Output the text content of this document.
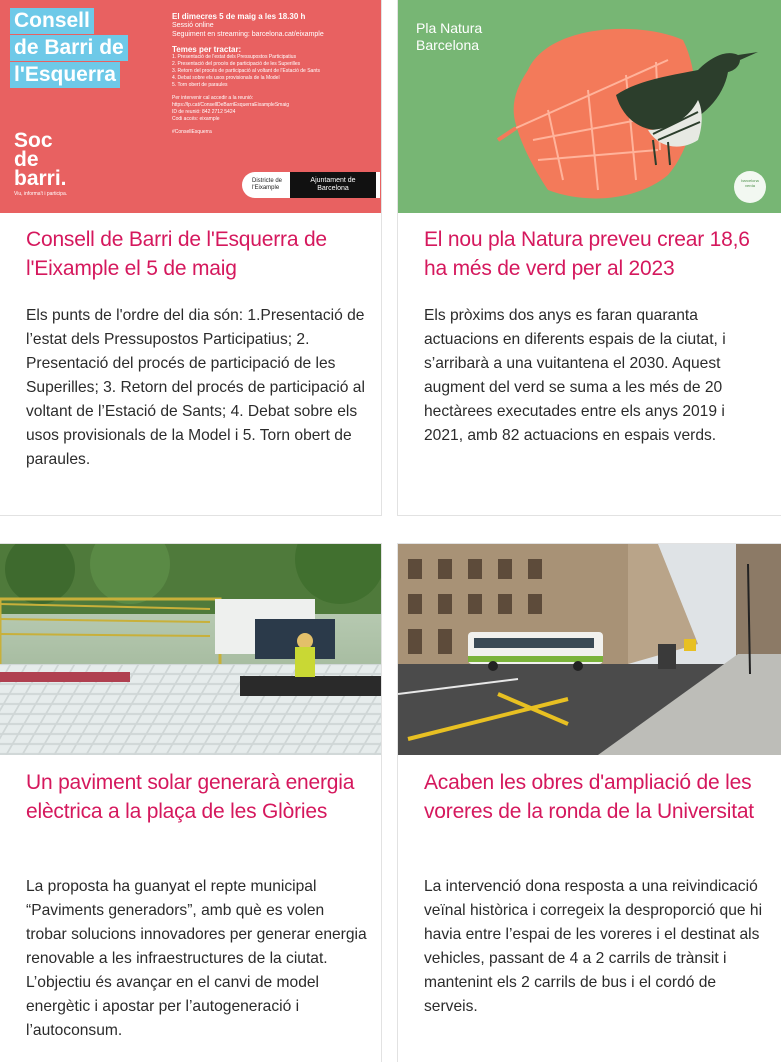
Consell
de Barri de
l'Esquerra

El dimecres 5 de maig a les 18.30 h

Sessió online

Seguiment en streaming: barcelona.cat/eixample

Temes per tractar:

1. Presentació de l'estat dels Pressupostos Participatius

2. Presentació del procés de participació de les Superilles

3. Retorn del procés de participació al voltant de l'Estació de Sants

4. Debat sobre els usos provisionals de la Model

5. Torn obert de paraules

Per intervenir cal accedir a la reunió:

https://lp.cat/ConsellDeBarriEsquerraEixampleSmaig

ID de reunió: 842 2712 5424

Codi accés: eixample

#ConsellEsquerra

Soc
de
barri.
Viu, informa't i participa.
Districte de l'Eixample
Ajuntament de Barcelona
Consell de Barri de l'Esquerra de l'Eixample el 5 de maig

Els punts de l'ordre del dia són: 1.Presentació de l’estat dels Pressupostos Participatius; 2. Presentació del procés de participació de les Superilles; 3. Retorn del procés de participació al voltant de l’Estació de Sants; 4. Debat sobre els usos provisionals de la Model i 5. Torn obert de paraules.

Pla Natura
Barcelona
barcelona verda
El nou pla Natura preveu crear 18,6 ha més de verd per al 2023

Els pròxims dos anys es faran quaranta actuacions en diferents espais de la ciutat, i s’arribarà a una vuitantena el 2030. Aquest augment del verd se suma a les més de 20 hectàrees executades entre els anys 2019 i 2021, amb 82 actuacions en espais verds.

Un paviment solar generarà energia elèctrica a la plaça de les Glòries

La proposta ha guanyat el repte municipal “Paviments generadors”, amb què es volen trobar solucions innovadores per generar energia renovable a les infraestructures de la ciutat. L’objectiu és avançar en el canvi de model energètic i apostar per l’autogeneració i l’autoconsum.

Acaben les obres d'ampliació de les voreres de la ronda de la Universitat

La intervenció dona resposta a una reivindicació veïnal històrica i corregeix la desproporció que hi havia entre l’espai de les voreres i el destinat als vehicles, passant de 4 a 2 carrils de trànsit i mantenint els 2 carrils de bus i el cordó de serveis.
